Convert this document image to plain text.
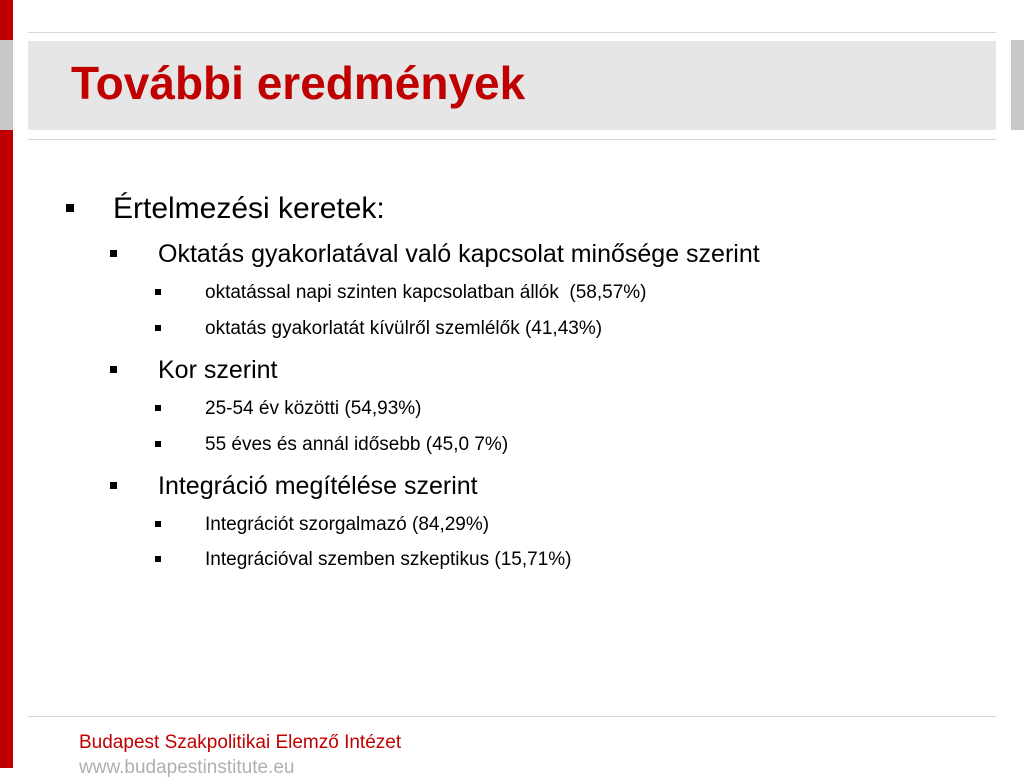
További eredmények
Értelmezési keretek:
Oktatás gyakorlatával való kapcsolat minősége szerint
oktatással napi szinten kapcsolatban állók  (58,57%)
oktatás gyakorlatát kívülről szemlélők (41,43%)
Kor szerint
25-54 év közötti (54,93%)
55 éves és annál idősebb (45,0 7%)
Integráció megítélése szerint
Integrációt szorgalmazó (84,29%)
Integrációval szemben szkeptikus (15,71%)
Budapest Szakpolitikai Elemző Intézet
www.budapestinstitute.eu
